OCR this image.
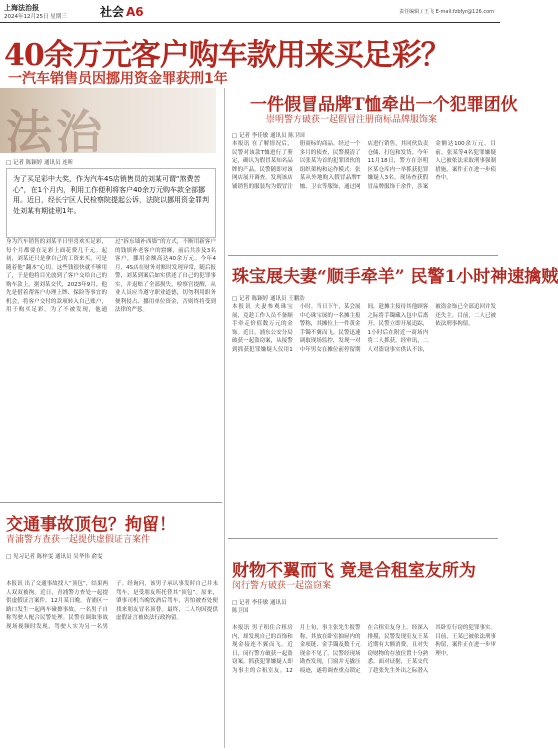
上海法治报
2024年12月25日 星期三	社会 A6	责任编辑 / 王飞 E-mail:fzbfyr@126.com
40余万元客户购车款用来买足彩？
一汽车销售员因挪用资金罪获刑1年
法治
□ 记者 陈颖婷 通讯员 连昕
为了买足彩中大奖，作为汽车4S店销售员的刘某可谓“煞费苦心”，在1个月内，利用工作便利将客户40余万元购车款全部挪用。近日，经长宁区人民检察院提起公诉，法院以挪用资金罪判处刘某有期徒刑1年。
身为汽车销售的刘某平日里喜欢买足彩，每个月都要在足彩上面花费几千元。起初，刘某还只是拿自己的工资来买，可是随着他“翻本”心切，这些钱很快就不够用了，于是他将目光放到了客户交给自己的购车款上。据刘某交代，2023年9月，他先是借着帮客户办理上牌、保险等事宜的机会，将客户交付的款项转入自己账户，用于购买足彩。为了不被发现，他通过“拆东墙补西墙”的方式，不断用新客户的钱填补老客户的窟窿，前后共涉及3名客户，挪用金额高达40余万元。今年4月，4S店在财务对账时发现异常，随后报警，刘某到案后如实供述了自己的犯罪事实，并退赔了全部损失。检察官提醒，从业人员应当遵守职业道德，切勿利用职务便利侵占、挪用单位资金，否则终将受到法律的严惩。
一件假冒品牌T恤牵出一个犯罪团伙
崇明警方破获一起假冒注册商标品牌服饰案
□ 记者 李佳敏 通讯员 陈卫国
本报讯 在了解情况后，民警对该款T恤进行了鉴定，确认为假冒某知名品牌的产品。民警随即对该网店展开调查，发现该店铺销售的服装均为假冒注册商标的商品。经过一个多月的侦查，民警摸清了以张某为首的犯罪团伙的组织架构和运作模式：张某从外地购入假冒品牌T恤、卫衣等服饰，通过网店进行销售，其同伙负责仓储、打包和发货。今年11月18日，警方在崇明区某仓库内一举抓获犯罪嫌疑人3名，现场查获假冒品牌服饰千余件，涉案金额达100余万元。目前，张某等4名犯罪嫌疑人已被依法采取刑事强制措施，案件正在进一步侦查中。
珠宝展夫妻“顺手牵羊” 民警1小时神速擒贼
□ 记者 陈颖婷 通讯员 王鹏浩
本报讯 夫妻参观珠宝展，竟趁工作人员不备顺手牵走价值数万元的金饰。近日，浦东公安分局破获一起盗窃案，从接警到抓获犯罪嫌疑人仅用1小时。当日下午，某会展中心珠宝展的一名摊主报警称，其摊位上一件黄金手镯不翼而飞。民警迅速调取现场监控，发现一对中年男女在摊位前停留期间，趁摊主接待其他顾客之际将手镯藏入包中后离开。民警立即开展追踪，1小时后在附近一商场内将二人抓获。经审讯，二人对盗窃事实供认不讳，被盗金饰已全部追回并发还失主。目前，二人已被依法刑事拘留。
交通事故顶包？拘留！
青浦警方查获一起提供虚假证言案件
□ 见习记者 陈梓雯 通讯员 吴华伟 俞雯
本报讯 出了交通事故找人“顶包”，结果两人双双被拘。近日，青浦警方查处一起提供虚假证言案件。12月某日晚，青浦区一路口发生一起两车碰擦事故，一名男子自称驾驶人配合民警处理。民警在调取事故现场视频时发现，驾驶人实为另一名男子。经询问，该男子承认事发时自己并未驾车，是受朋友所托替其“顶包”。原来，肇事司机当晚饮酒后驾车，害怕被查处便找来朋友冒名顶替。最终，二人均因提供虚假证言被依法行政拘留。
财物不翼而飞 竟是合租室友所为
闵行警方破获一起盗窃案
□ 记者 李佳敏 通讯员 陈卫国
本报讯 男子租住合租房内，却发现自己的首饰和现金接连不翼而飞。近日，闵行警方破获一起盗窃案，抓获犯罪嫌疑人即为事主的合租室友。12月上旬，事主张先生报警称，其放在卧室抽屉内的金项链、金手镯及数千元现金不见了。民警经现场勘查发现，门窗并无撬压痕迹，遂将调查重点锁定在合租室友身上。经深入排摸，民警发现室友王某近期有大额消费，且对失窃财物的存放位置十分熟悉。面对证据，王某交代了趁张先生外出之际潜入其卧室行窃的犯罪事实。目前，王某已被依法刑事拘留，案件正在进一步审理中。
